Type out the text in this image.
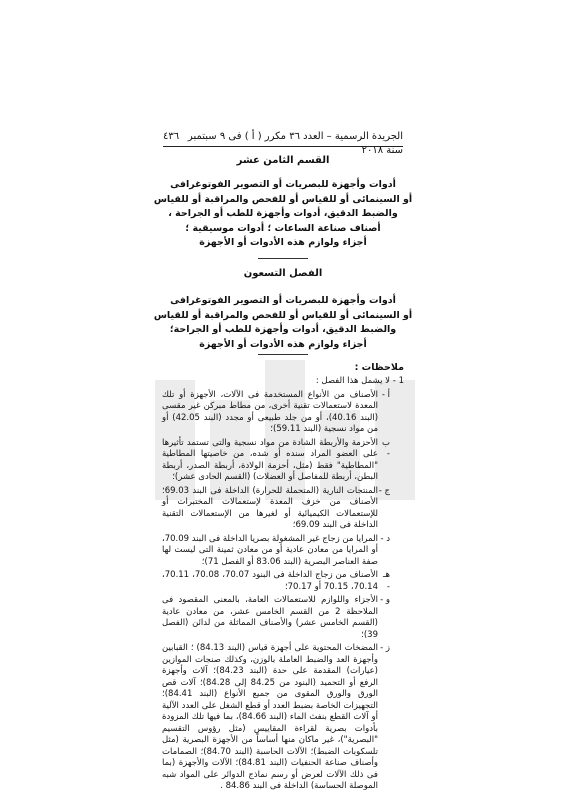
الجريدة الرسمية – العدد ٣٦ مكرر ( أ ) فى ٩ سبتمبر سنة ٢٠١٨
٤٣٦
القسم الثامن عشر
أدوات وأجهزة للبصريات أو التصوير الفوتوغرافى
أو السينمائى أو للقياس أو للفحص والمراقبة أو للقياس
والضبط الدقيق، أدوات وأجهزة للطب أو الجراحة ،
أصناف صناعة الساعات ؛ أدوات موسيقية ؛
أجزاء ولوازم هذه الأدوات أو الأجهزة
الفصل التسعون
أدوات وأجهزة للبصريات أو التصوير الفوتوغرافى
أو السينمائى أو للقياس أو للفحص والمراقبة أو للقياس
والضبط الدقيق، أدوات وأجهزة للطب أو الجراحة؛
أجزاء ولوازم هذه الأدوات أو الأجهزة
ملاحظات :
1 -
لا يشمل هذا الفصل :
أ -
الأصناف من الأنواع المستخدمة فى الآلات، الأجهزة أو تلك المعدة لاستعمالات تقنية أخرى، من مطاط مبركن غير مقسى (البند 40.16)، أو من جلد طبيعى أو مجدد (البند 42.05) أو من مواد نسجية (البند 59.11)؛
ب -
الأحزمة والأربطة الشادة من مواد نسجية والتى تستمد تأثيرها على العضو المراد سنده أو شده، من خاصيتها المطاطية "المطاطية" فقط (مثل، أحزمة الولادة، أربطة الصدر، أربطة البطن، أربطة للمفاصل أو العضلات) (القسم الحادى عشر)؛
ج -
المنتجات النارية (المتحملة للحرارة) الداخلة فى البند 69.03؛ الأصناف من خزف المعدة لإستعمالات المختبرات أو للإستعمالات الكيميائية أو لغيرها من الإستعمالات التقنية الداخلة فى البند 69.09؛
د -
المرايا من زجاج غير المشغولة بصريا الداخلة فى البند 70.09، أو المرايا من معادن عادية أو من معادن ثمينة التى ليست لها صفة العناصر البصرية (البند 83.06 أو الفصل 71)؛
هـ -
الأصناف من زجاج الداخلة فى البنود 70.07، 70.08، 70.11، 70.14، 70.15 أو 70.17؛
و -
الأجزاء واللوازم للاستعمالات العامة، بالمعنى المقصود فى الملاحظة 2 من القسم الخامس عشر، من معادن عادية (القسم الخامس عشر) والأصناف المماثلة من لدائن (الفصل 39)؛
ز -
المضخات المحتوية على أجهزة قياس (البند 84.13) ؛ القبابين وأجهزة العد والضبط العاملة بالوزن، وكذلك صنجات الموازين (عيارات) المقدمة على حدة (البند 84.23)؛ آلات وأجهزة الرفع أو التحميد (البنود من 84.25 إلى 84.28)؛ آلات قص الورق والورق المقوى من جميع الأنواع (البند 84.41)؛ التجهيزات الخاصة بضبط العدد أو قطع الشغل على العدد الآلية أو آلات القطع بنفث الماء (البند 84.66)، بما فيها تلك المزودة بأدوات بصرية لقراءة المقاييس (مثل رؤوس التقسيم "البصرية")، غير ماكان منها أساساً من الأجهزة البصرية (مثل تلسكوبات الضبط)؛ الآلات الحاسبة (البند 84.70)؛ الصمامات وأصناف صناعة الحنفيات (البند 84.81)؛ الآلات والأجهزة (بما فى ذلك الآلات لعرض أو رسم نماذج الدوائر على المواد شبه الموصلة الحساسة) الداخلة فى البند 84.86 .
